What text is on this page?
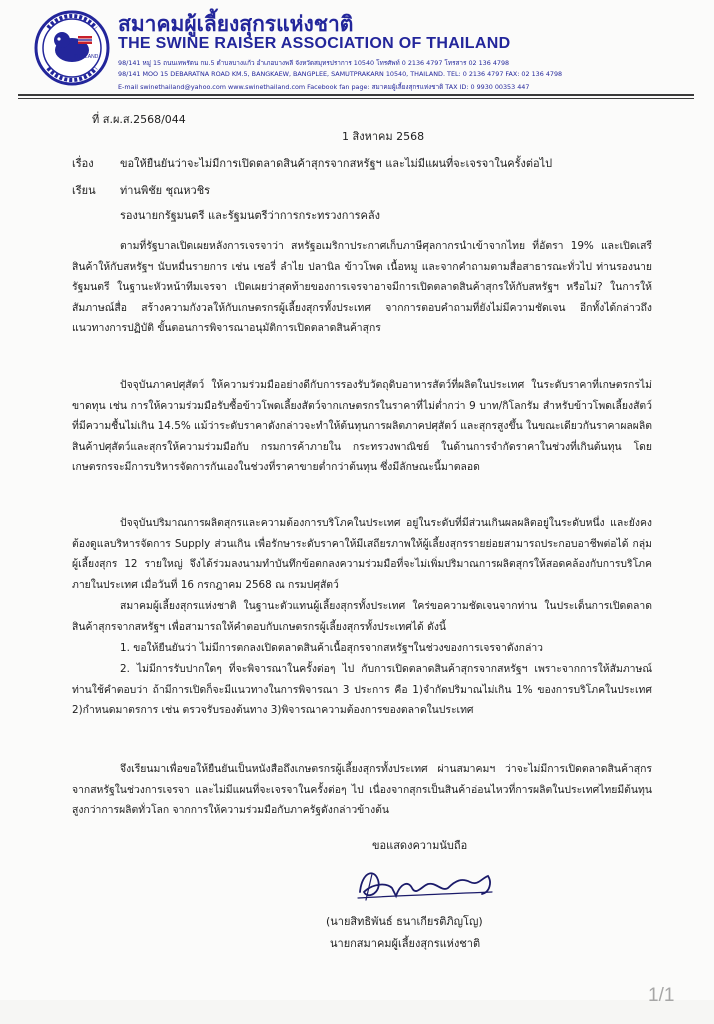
THAILAND
สมาคมผู้เลี้ยงสุกรแห่งชาติ
THE SWINE RAISER ASSOCIATION OF THAILAND
98/141 หมู่ 15 ถนนเทพรัตน กม.5 ตำบลบางแก้ว อำเภอบางพลี จังหวัดสมุทรปราการ 10540 โทรศัพท์ 0 2136 4797 โทรสาร 02 136 4798
98/141 MOO 15 DEBARATNA ROAD KM.5, BANGKAEW, BANGPLEE, SAMUTPRAKARN 10540, THAILAND. TEL: 0 2136 4797 FAX: 02 136 4798
E-mail swinethailand@yahoo.com www.swinethailand.com Facebook fan page: สมาคมผู้เลี้ยงสุกรแห่งชาติ TAX ID: 0 9930 00353 447
ที่ ส.ผ.ส.2568/044
1 สิงหาคม 2568
เรื่อง ขอให้ยืนยันว่าจะไม่มีการเปิดตลาดสินค้าสุกรจากสหรัฐฯ และไม่มีแผนที่จะเจรจาในครั้งต่อไป
เรียน ท่านพิชัย ชุณหวชิร
รองนายกรัฐมนตรี และรัฐมนตรีว่าการกระทรวงการคลัง
ตามที่รัฐบาลเปิดเผยหลังการเจรจาว่า สหรัฐอเมริกาประกาศเก็บภาษีศุลกากรนำเข้าจากไทย ที่อัตรา 19% และเปิดเสรีสินค้าให้กับสหรัฐฯ นับหมื่นรายการ เช่น เชอรี่ ลำไย ปลานิล ข้าวโพด เนื้อหมู และจากคำถามตามสื่อสาธารณะทั่วไป ท่านรองนายรัฐมนตรี ในฐานะหัวหน้าทีมเจรจา เปิดเผยว่าสุดท้ายของการเจรจาอาจมีการเปิดตลาดสินค้าสุกรให้กับสหรัฐฯ หรือไม่? ในการให้สัมภาษณ์สื่อ สร้างความกังวลให้กับเกษตรกรผู้เลี้ยงสุกรทั้งประเทศ จากการตอบคำถามที่ยังไม่มีความชัดเจน อีกทั้งได้กล่าวถึงแนวทางการปฏิบัติ ขั้นตอนการพิจารณาอนุมัติการเปิดตลาดสินค้าสุกร
ปัจจุบันภาคปศุสัตว์ ให้ความร่วมมืออย่างดีกับการรองรับวัตถุดิบอาหารสัตว์ที่ผลิตในประเทศ ในระดับราคาที่เกษตรกรไม่ขาดทุน เช่น การให้ความร่วมมือรับซื้อข้าวโพดเลี้ยงสัตว์จากเกษตรกรในราคาที่ไม่ต่ำกว่า 9 บาท/กิโลกรัม สำหรับข้าวโพดเลี้ยงสัตว์ที่มีความชื้นไม่เกิน 14.5% แม้ว่าระดับราคาดังกล่าวจะทำให้ต้นทุนการผลิตภาคปศุสัตว์ และสุกรสูงขึ้น ในขณะเดียวกันราคาผลผลิตสินค้าปศุสัตว์และสุกรให้ความร่วมมือกับ กรมการค้าภายใน กระทรวงพาณิชย์ ในด้านการจำกัดราคาในช่วงที่เกินต้นทุน โดยเกษตรกรจะมีการบริหารจัดการกันเองในช่วงที่ราคาขายต่ำกว่าต้นทุน ซึ่งมีลักษณะนี้มาตลอด
ปัจจุบันปริมาณการผลิตสุกรและความต้องการบริโภคในประเทศ อยู่ในระดับที่มีส่วนเกินผลผลิตอยู่ในระดับหนึ่ง และยังคงต้องดูแลบริหารจัดการ Supply ส่วนเกิน เพื่อรักษาระดับราคาให้มีเสถียรภาพให้ผู้เลี้ยงสุกรรายย่อยสามารถประกอบอาชีพต่อได้ กลุ่มผู้เลี้ยงสุกร 12 รายใหญ่ จึงได้ร่วมลงนามทำบันทึกข้อตกลงความร่วมมือที่จะไม่เพิ่มปริมาณการผลิตสุกรให้สอดคล้องกับการบริโภคภายในประเทศ เมื่อวันที่ 16 กรกฎาคม 2568 ณ กรมปศุสัตว์
สมาคมผู้เลี้ยงสุกรแห่งชาติ ในฐานะตัวแทนผู้เลี้ยงสุกรทั้งประเทศ ใคร่ขอความชัดเจนจากท่าน ในประเด็นการเปิดตลาดสินค้าสุกรจากสหรัฐฯ เพื่อสามารถให้คำตอบกับเกษตรกรผู้เลี้ยงสุกรทั้งประเทศได้ ดังนี้
1. ขอให้ยืนยันว่า ไม่มีการตกลงเปิดตลาดสินค้าเนื้อสุกรจากสหรัฐฯในช่วงของการเจรจาดังกล่าว
2. ไม่มีการรับปากใดๆ ที่จะพิจารณาในครั้งต่อๆ ไป กับการเปิดตลาดสินค้าสุกรจากสหรัฐฯ เพราะจากการให้สัมภาษณ์ท่านใช้คำตอบว่า ถ้ามีการเปิดก็จะมีแนวทางในการพิจารณา 3 ประการ คือ 1)จำกัดปริมาณไม่เกิน 1% ของการบริโภคในประเทศ 2)กำหนดมาตรการ เช่น ตรวจรับรองต้นทาง 3)พิจารณาความต้องการของตลาดในประเทศ
จึงเรียนมาเพื่อขอให้ยืนยันเป็นหนังสือถึงเกษตรกรผู้เลี้ยงสุกรทั้งประเทศ ผ่านสมาคมฯ ว่าจะไม่มีการเปิดตลาดสินค้าสุกรจากสหรัฐในช่วงการเจรจา และไม่มีแผนที่จะเจรจาในครั้งต่อๆ ไป เนื่องจากสุกรเป็นสินค้าอ่อนไหวที่การผลิตในประเทศไทยมีต้นทุนสูงกว่าการผลิตทั่วโลก จากการให้ความร่วมมือกับภาครัฐดังกล่าวข้างต้น
ขอแสดงความนับถือ
(นายสิทธิพันธ์ ธนาเกียรติภิญโญ)
นายกสมาคมผู้เลี้ยงสุกรแห่งชาติ
1/1
